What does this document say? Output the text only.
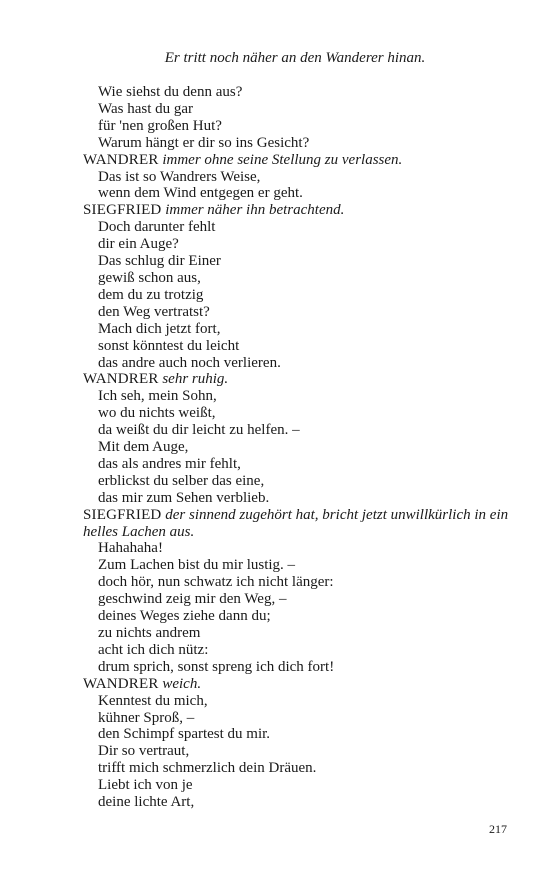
Er tritt noch näher an den Wanderer hinan.
Wie siehst du denn aus?
Was hast du gar
für 'nen großen Hut?
Warum hängt er dir so ins Gesicht?
WANDRER immer ohne seine Stellung zu verlassen.
Das ist so Wandrers Weise,
wenn dem Wind entgegen er geht.
SIEGFRIED immer näher ihn betrachtend.
Doch darunter fehlt
dir ein Auge?
Das schlug dir Einer
gewiß schon aus,
dem du zu trotzig
den Weg vertratst?
Mach dich jetzt fort,
sonst könntest du leicht
das andre auch noch verlieren.
WANDRER sehr ruhig.
Ich seh, mein Sohn,
wo du nichts weißt,
da weißt du dir leicht zu helfen. –
Mit dem Auge,
das als andres mir fehlt,
erblickst du selber das eine,
das mir zum Sehen verblieb.
SIEGFRIED der sinnend zugehört hat, bricht jetzt unwillkürlich in ein
helles Lachen aus.
Hahahaha!
Zum Lachen bist du mir lustig. –
doch hör, nun schwatz ich nicht länger:
geschwind zeig mir den Weg, –
deines Weges ziehe dann du;
zu nichts andrem
acht ich dich nütz:
drum sprich, sonst spreng ich dich fort!
WANDRER weich.
Kenntest du mich,
kühner Sproß, –
den Schimpf spartest du mir.
Dir so vertraut,
trifft mich schmerzlich dein Dräuen.
Liebt ich von je
deine lichte Art,
217
